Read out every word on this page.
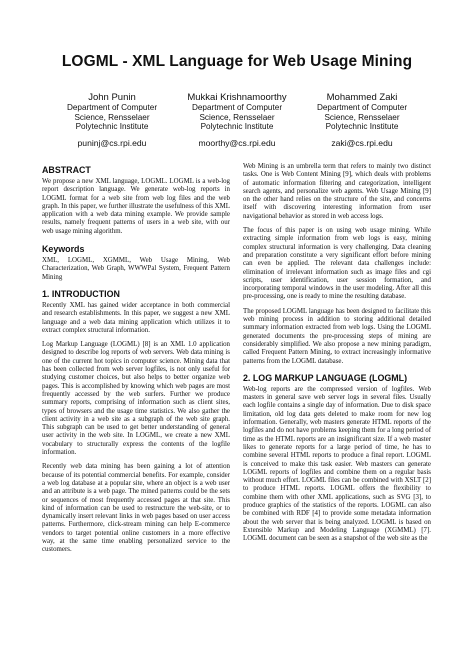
LOGML - XML Language for Web Usage Mining
John Punin
Department of Computer
Science, Rensselaer
Polytechnic Institute
puninj@cs.rpi.edu
Mukkai Krishnamoorthy
Department of Computer
Science, Rensselaer
Polytechnic Institute
moorthy@cs.rpi.edu
Mohammed Zaki
Department of Computer
Science, Rensselaer
Polytechnic Institute
zaki@cs.rpi.edu
ABSTRACT

We propose a new XML language, LOGML. LOGML is a web-log report description language. We generate web-log reports in LOGML format for a web site from web log files and the web graph. In this paper, we further illustrate the usefulness of this XML application with a web data mining example. We provide sample results, namely frequent patterns of users in a web site, with our web usage mining algorithm.

Keywords

XML, LOGML, XGMML, Web Usage Mining, Web Characterization, Web Graph, WWWPal System, Frequent Pattern Mining

1. INTRODUCTION

Recently XML has gained wider acceptance in both commercial and research establishments. In this paper, we suggest a new XML language and a web data mining application which utilizes it to extract complex structural information.

Log Markup Language (LOGML) [8] is an XML 1.0 application designed to describe log reports of web servers. Web data mining is one of the current hot topics in computer science. Mining data that has been collected from web server logfiles, is not only useful for studying customer choices, but also helps to better organize web pages. This is accomplished by knowing which web pages are most frequently accessed by the web surfers. Further we produce summary reports, comprising of information such as client sites, types of browsers and the usage time statistics. We also gather the client activity in a web site as a subgraph of the web site graph. This subgraph can be used to get better understanding of general user activity in the web site. In LOGML, we create a new XML vocabulary to structurally express the contents of the logfile information.

Recently web data mining has been gaining a lot of attention because of its potential commercial benefits. For example, consider a web log database at a popular site, where an object is a web user and an attribute is a web page. The mined patterns could be the sets or sequences of most frequently accessed pages at that site. This kind of information can be used to restructure the web-site, or to dynamically insert relevant links in web pages based on user access patterns. Furthermore, click-stream mining can help E-commerce vendors to target potential online customers in a more effective way, at the same time enabling personalized service to the customers.

Web Mining is an umbrella term that refers to mainly two distinct tasks. One is Web Content Mining [9], which deals with problems of automatic information filtering and categorization, intelligent search agents, and personalize web agents. Web Usage Mining [9] on the other hand relies on the structure of the site, and concerns itself with discovering interesting information from user navigational behavior as stored in web access logs.

The focus of this paper is on using web usage mining. While extracting simple information from web logs is easy, mining complex structural information is very challenging. Data cleaning and preparation constitute a very significant effort before mining can even be applied. The relevant data challenges include: elimination of irrelevant information such as image files and cgi scripts, user identification, user session formation, and incorporating temporal windows in the user modeling. After all this pre-processing, one is ready to mine the resulting database.

The proposed LOGML language has been designed to facilitate this web mining process in addition to storing additional detailed summary information extracted from web logs. Using the LOGML generated documents the pre-processing steps of mining are considerably simplified. We also propose a new mining paradigm, called Frequent Pattern Mining, to extract increasingly informative patterns from the LOGML database.

2. LOG MARKUP LANGUAGE (LOGML)

Web-log reports are the compressed version of logfiles. Web masters in general save web server logs in several files. Usually each logfile contains a single day of information. Due to disk space limitation, old log data gets deleted to make room for new log information. Generally, web masters generate HTML reports of the logfiles and do not have problems keeping them for a long period of time as the HTML reports are an insignificant size. If a web master likes to generate reports for a large period of time, he has to combine several HTML reports to produce a final report. LOGML is conceived to make this task easier. Web masters can generate LOGML reports of logfiles and combine them on a regular basis without much effort. LOGML files can be combined with XSLT [2] to produce HTML reports. LOGML offers the flexibility to combine them with other XML applications, such as SVG [3], to produce graphics of the statistics of the reports. LOGML can also be combined with RDF [4] to provide some metadata information about the web server that is being analyzed. LOGML is based on Extensible Markup and Modeling Language (XGMML) [7]. LOGML document can be seen as a snapshot of the web site as the
